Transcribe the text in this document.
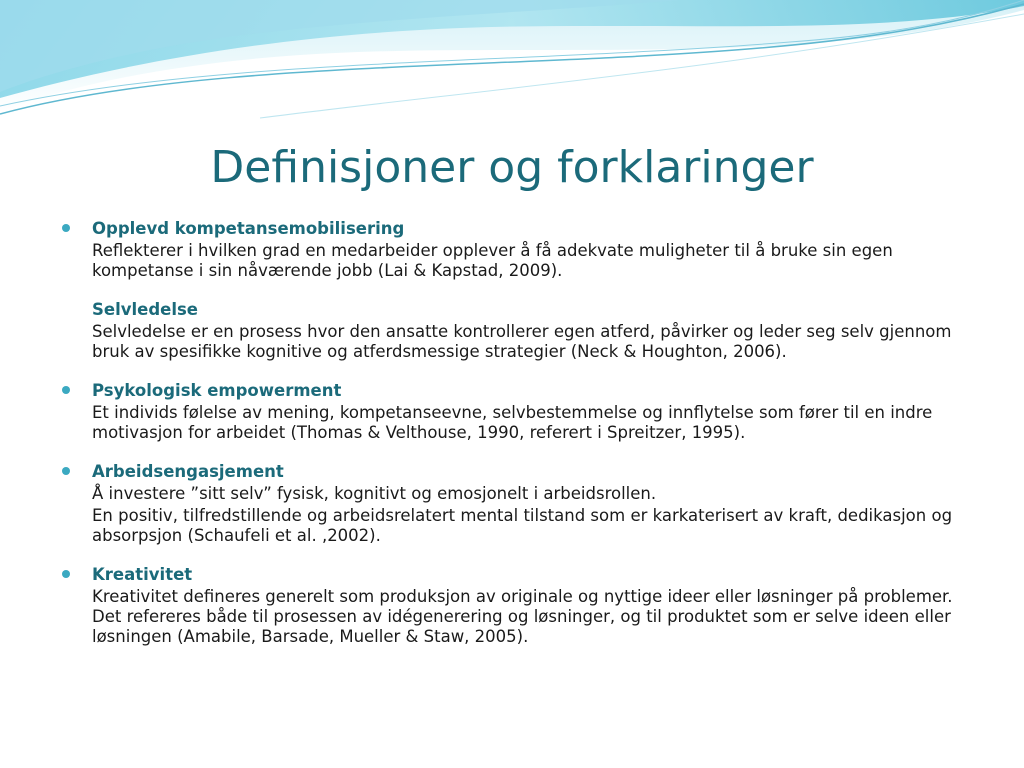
Definisjoner og forklaringer
Opplevd kompetansemobilisering
Reflekterer i hvilken grad en medarbeider opplever å få adekvate muligheter til å bruke sin egen kompetanse i sin nåværende jobb (Lai & Kapstad, 2009).
Selvledelse
Selvledelse er en prosess hvor den ansatte kontrollerer egen atferd, påvirker og leder seg selv gjennom bruk av spesifikke kognitive og atferdsmessige strategier (Neck & Houghton, 2006).
Psykologisk empowerment
Et individs følelse av mening, kompetanseevne, selvbestemmelse og innflytelse som fører til en indre motivasjon for arbeidet (Thomas & Velthouse, 1990, referert i Spreitzer, 1995).
Arbeidsengasjement
Å investere ”sitt selv” fysisk, kognitivt og emosjonelt i arbeidsrollen.
En positiv, tilfredstillende og arbeidsrelatert mental tilstand som er karkaterisert av kraft, dedikasjon og absorpsjon (Schaufeli et al. ,2002).
Kreativitet
Kreativitet defineres generelt som produksjon av originale og nyttige ideer eller løsninger på problemer. Det refereres både til prosessen av idégenerering og løsninger, og til produktet som er selve ideen eller løsningen (Amabile, Barsade, Mueller & Staw, 2005).
